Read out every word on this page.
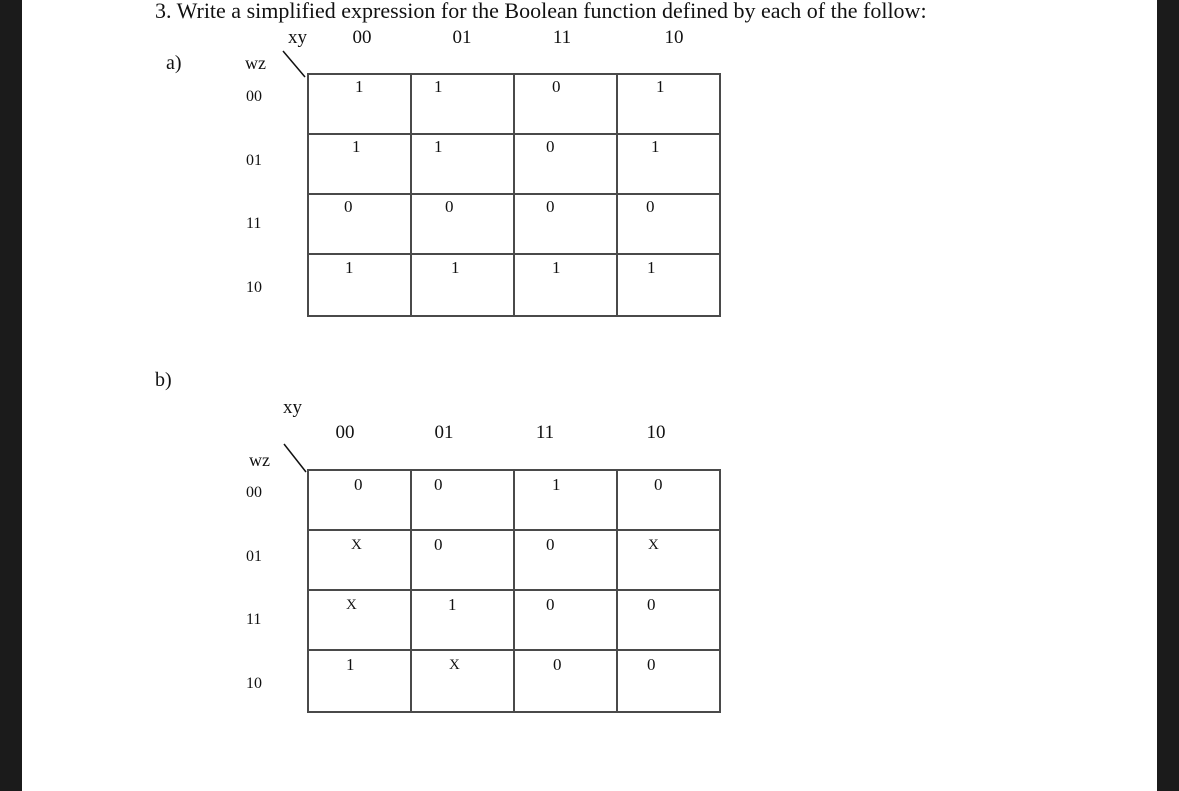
3. Write a simplified expression for the Boolean function defined by each of the follow:
a)
xy
wz
00	01	11	10
00
01
11
10
1	1	0	1

1	1	0	1

0	0	0	0

1	1	1	1
b)
xy
wz
00	01	11	10
00
01
11
10
0	0	1	0

X	0	0	X

X	1	0	0

1	X	0	0
